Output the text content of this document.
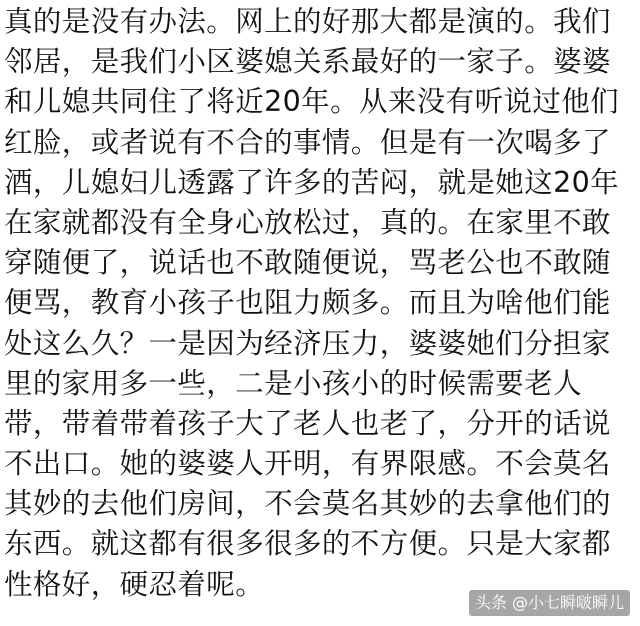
真的是没有办法。网上的好那大都是演的。我们
邻居，是我们小区婆媳关系最好的一家子。婆婆
和儿媳共同住了将近20年。从来没有听说过他们
红脸，或者说有不合的事情。但是有一次喝多了
酒，儿媳妇儿透露了许多的苦闷，就是她这20年
在家就都没有全身心放松过，真的。在家里不敢
穿随便了，说话也不敢随便说，骂老公也不敢随
便骂，教育小孩子也阻力颇多。而且为啥他们能
处这么久？一是因为经济压力，婆婆她们分担家
里的家用多一些，二是小孩小的时候需要老人
带，带着带着孩子大了老人也老了，分开的话说
不出口。她的婆婆人开明，有界限感。不会莫名
其妙的去他们房间，不会莫名其妙的去拿他们的
东西。就这都有很多很多的不方便。只是大家都
性格好，硬忍着呢。
头条 @小七瞬啵瞬儿
